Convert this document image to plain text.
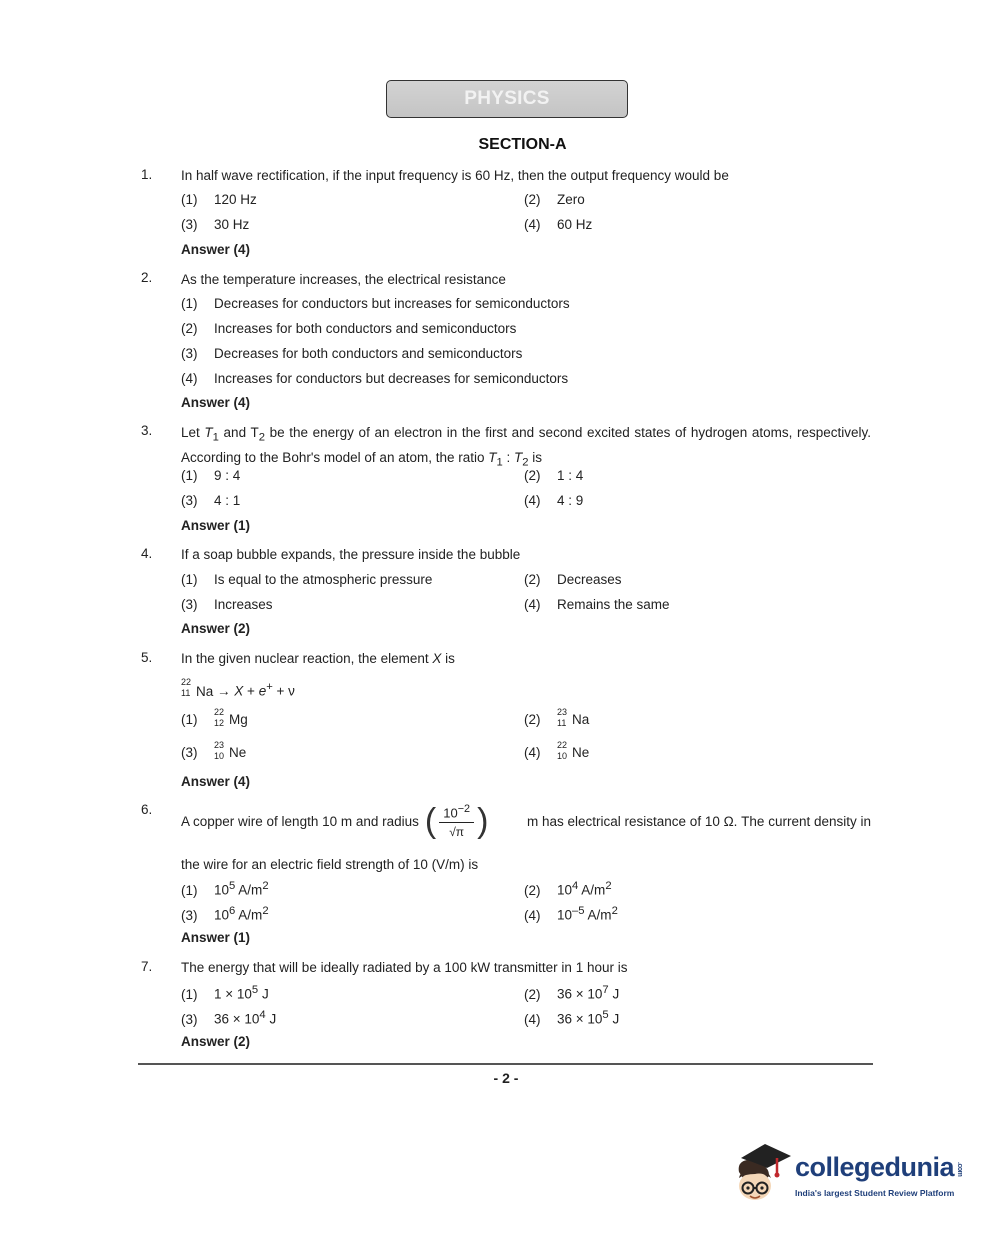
PHYSICS
SECTION-A
1. In half wave rectification, if the input frequency is 60 Hz, then the output frequency would be
(1) 120 Hz	(2) Zero
(3) 30 Hz	(4) 60 Hz
Answer (4)
2. As the temperature increases, the electrical resistance
(1) Decreases for conductors but increases for semiconductors
(2) Increases for both conductors and semiconductors
(3) Decreases for both conductors and semiconductors
(4) Increases for conductors but decreases for semiconductors
Answer (4)
3. Let $T_1$ and $T_2$ be the energy of an electron in the first and second excited states of hydrogen atoms, respectively. According to the Bohr's model of an atom, the ratio $T_1$ : $T_2$ is
(1) 9 : 4	(2) 1 : 4
(3) 4 : 1	(4) 4 : 9
Answer (1)
4. If a soap bubble expands, the pressure inside the bubble
(1) Is equal to the atmospheric pressure	(2) Decreases
(3) Increases	(4) Remains the same
Answer (2)
5. In the given nuclear reaction, the element X is
22
11 Na → X + e+ + ν
(1) 22
12 Mg	(2) 23
11 Na
(3) 23
10 Ne	(4) 22
10 Ne
Answer (4)
6.
A copper wire of length 10 m and radius ( $\frac{10^{-2}}{√\pi}$ )	m has electrical resistance of 10 Ω. The current density in
the wire for an electric field strength of 10 (V/m) is
(1) $10^5$ $A/m^2$	(2) $10^4$ $A/m^2$
(3) $10^6$ $A/m^2$	(4) $10^{-5}$ $A/m^2$
Answer (1)
7. The energy that will be ideally radiated by a 100 kW transmitter in 1 hour is
(1) $1 \times 10^5$ J	(2) $36 \times 10^7$ J
(3) $36 \times 10^4$ J	(4) $36 \times 10^5$ J
Answer (2)
- 2 -
collegedunia .com
India's largest Student Review Platform
